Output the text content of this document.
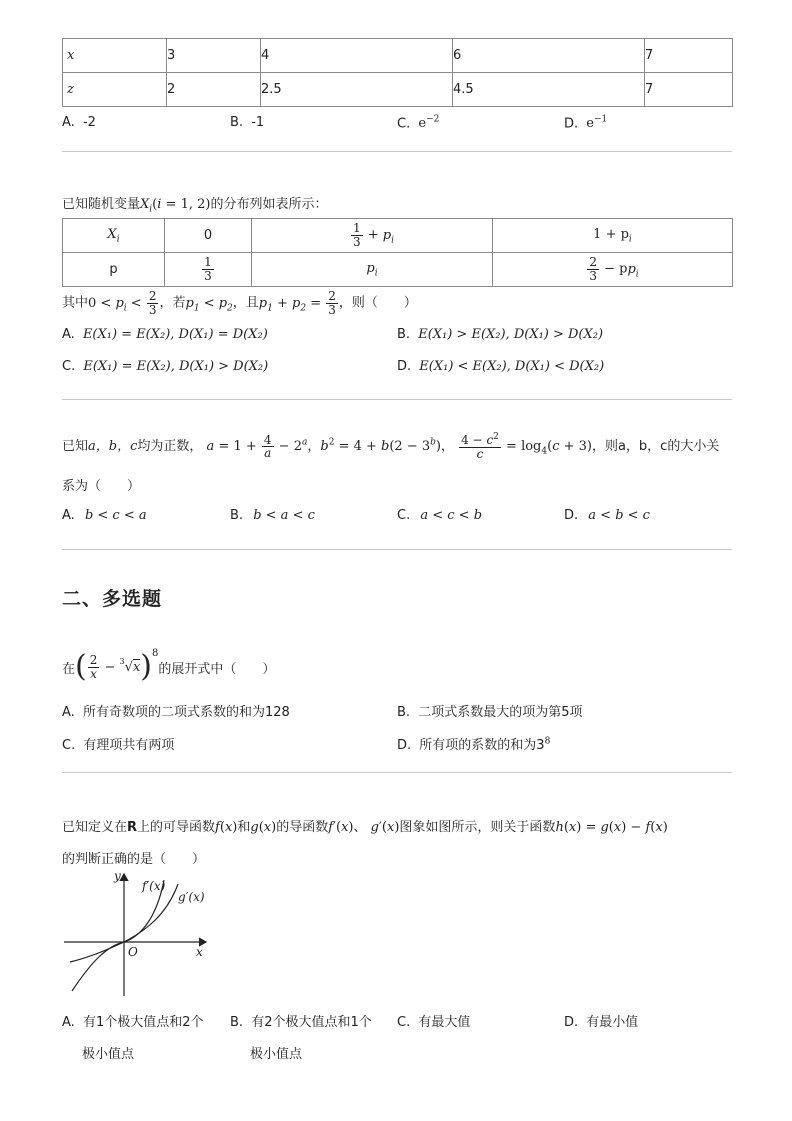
x	3	4	6	7
z	2	2.5	4.5	7
A. -2	B. -1	C. $e^{-2}$	D. $e^{-1}$
已知随机变量$X_i(i = 1$, 2)的分布列如表所示：
$X_i$	0	$\frac{1}{3} + p_i$	$1 + p_i$
p	$\frac{1}{3}$	$p_i$	$\frac{2}{3} - pp_i$
其中$0 < p_i < \frac{2}{3}$ ，若$p_1 < p_2$，且$p_1 + p_2 = \frac{2}{3}$ ，则（　　）
A. E(X₁) = E(X₂), D(X₁) = D(X₂)	B. E(X₁) > E(X₂), D(X₁) > D(X₂)
C. E(X₁) = E(X₂), D(X₁) > D(X₂)	D. E(X₁) < E(X₂), D(X₁) < D(X₂)
已知a，b，c均为正数， $a = 1 + \frac{4}{a} - 2^a$，$b^2 = 4 + b(2 - 3^b)$， $\frac{4 - c^2}{c} = \log_4(c + 3)$，则a，b，c的大小关
系为（　　）
A. b < c < a	B. b < a < c	C. a < c < b	D. a < b < c
二、多选题
在 ( $\frac{2}{x} - ^3$ √ x )$^8$
的展开式中（　　）
A. 所有奇数项的二项式系数的和为128	B. 二项式系数最大的项为第5项
C. 有理项共有两项	D. 所有项的系数的和为$3^8$
已知定义在R上的可导函数f(x)和g(x)的导函数f′(x)、 g′(x)图象如图所示，则关于函数h(x) = g(x) − f(x)
的判断正确的是（　　）
y
x
O
f′(x)
g′(x)
A. 有1个极大值点和2个
极小值点
B. 有2个极大值点和1个
极小值点
C. 有最大值	D. 有最小值
